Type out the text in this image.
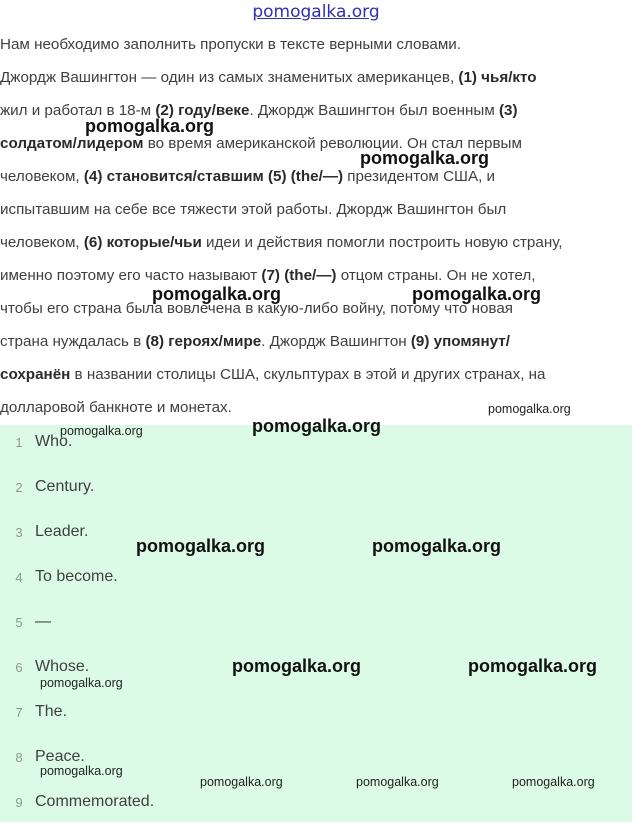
pomogalka.org
Нам необходимо заполнить пропуски в тексте верными словами.
Джордж Вашингтон — один из самых знаменитых американцев, (1) чья/кто
жил и работал в 18-м (2) году/веке. Джордж Вашингтон был военным (3)
солдатом/лидером во время американской революции. Он стал первым
человеком, (4) становится/ставшим (5) (the/—) президентом США, и
испытавшим на себе все тяжести этой работы. Джордж Вашингтон был
человеком, (6) которые/чьи идеи и действия помогли построить новую страну,
именно поэтому его часто называют (7) (the/—) отцом страны. Он не хотел,
чтобы его страна была вовлечена в какую-либо войну, потому что новая
страна нуждалась в (8) героях/мире. Джордж Вашингтон (9) упомянут/
сохранён в названии столицы США, скульптурах в этой и других странах, на
долларовой банкноте и монетах.
1 Who.
2 Century.
3 Leader.
4 To become.
5 —
6 Whose.
7 The.
8 Peace.
9 Commemorated.
pomogalka.org
pomogalka.org
pomogalka.org	pomogalka.org
pomogalka.org
pomogalka.org	pomogalka.org
pomogalka.org	pomogalka.org
pomogalka.org	pomogalka.org
pomogalka.org
pomogalka.org
pomogalka.org	pomogalka.org	pomogalka.org
